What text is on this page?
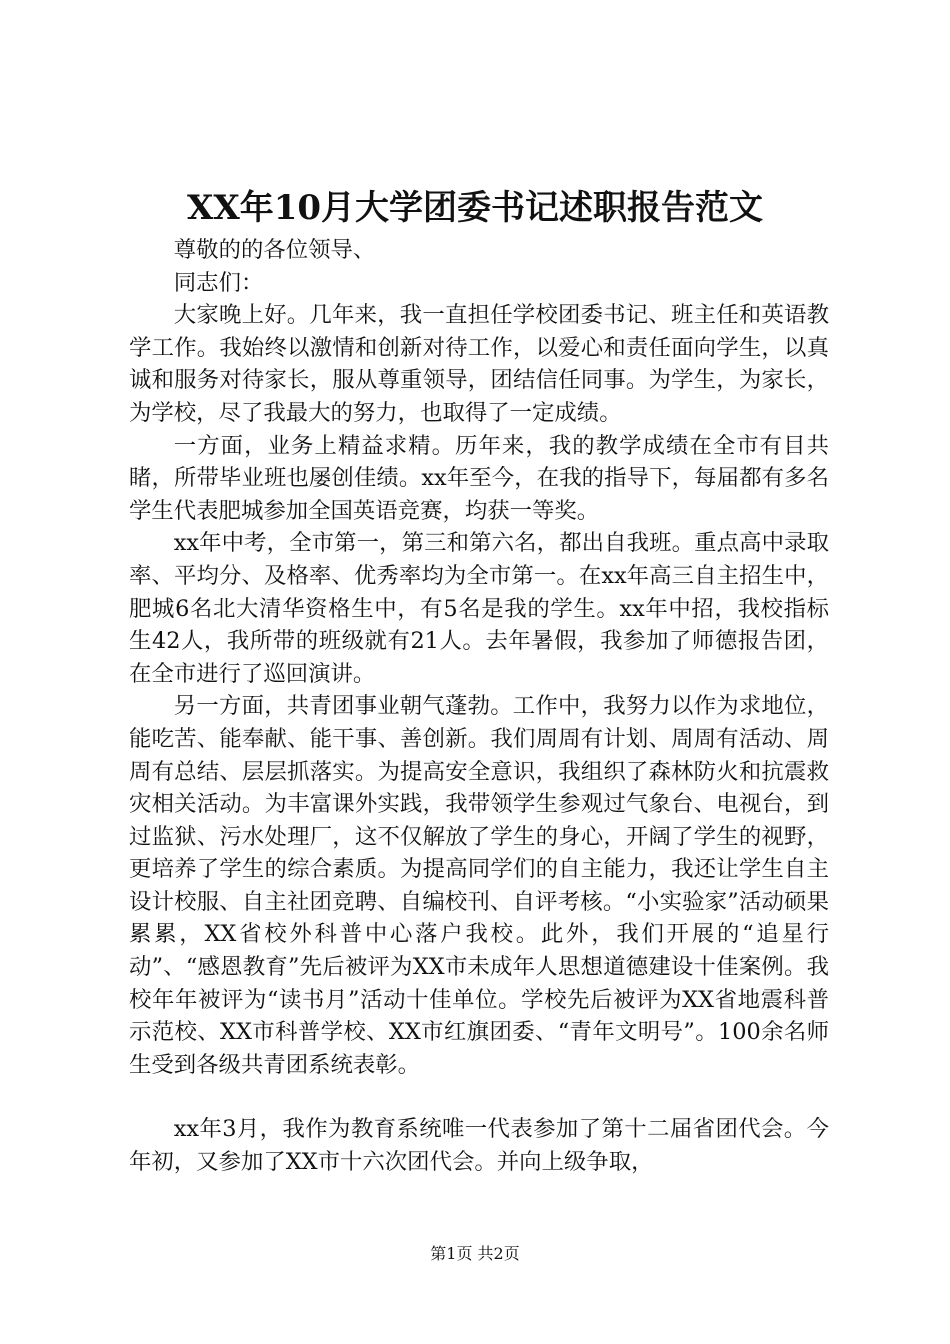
XX年10月大学团委书记述职报告范文

尊敬的的各位领导、

同志们：

大家晚上好。几年来，我一直担任学校团委书记、班主任和英语教学工作。我始终以激情和创新对待工作，以爱心和责任面向学生，以真诚和服务对待家长，服从尊重领导，团结信任同事。为学生，为家长，为学校，尽了我最大的努力，也取得了一定成绩。

一方面，业务上精益求精。历年来，我的教学成绩在全市有目共睹，所带毕业班也屡创佳绩。xx年至今，在我的指导下，每届都有多名学生代表肥城参加全国英语竞赛，均获一等奖。

xx年中考，全市第一，第三和第六名，都出自我班。重点高中录取率、平均分、及格率、优秀率均为全市第一。在xx年高三自主招生中，肥城6名北大清华资格生中，有5名是我的学生。xx年中招，我校指标生42人，我所带的班级就有21人。去年暑假，我参加了师德报告团，在全市进行了巡回演讲。

另一方面，共青团事业朝气蓬勃。工作中，我努力以作为求地位，能吃苦、能奉献、能干事、善创新。我们周周有计划、周周有活动、周周有总结、层层抓落实。为提高安全意识，我组织了森林防火和抗震救灾相关活动。为丰富课外实践，我带领学生参观过气象台、电视台，到过监狱、污水处理厂，这不仅解放了学生的身心，开阔了学生的视野，更培养了学生的综合素质。为提高同学们的自主能力，我还让学生自主设计校服、自主社团竞聘、自编校刊、自评考核。“小实验家”活动硕果累累，XX省校外科普中心落户我校。此外，我们开展的“追星行动”、“感恩教育”先后被评为XX市未成年人思想道德建设十佳案例。我校年年被评为“读书月”活动十佳单位。学校先后被评为XX省地震科普示范校、XX市科普学校、XX市红旗团委、“青年文明号”。100余名师生受到各级共青团系统表彰。

xx年3月，我作为教育系统唯一代表参加了第十二届省团代会。今年初，又参加了XX市十六次团代会。并向上级争取，

第1页 共2页
